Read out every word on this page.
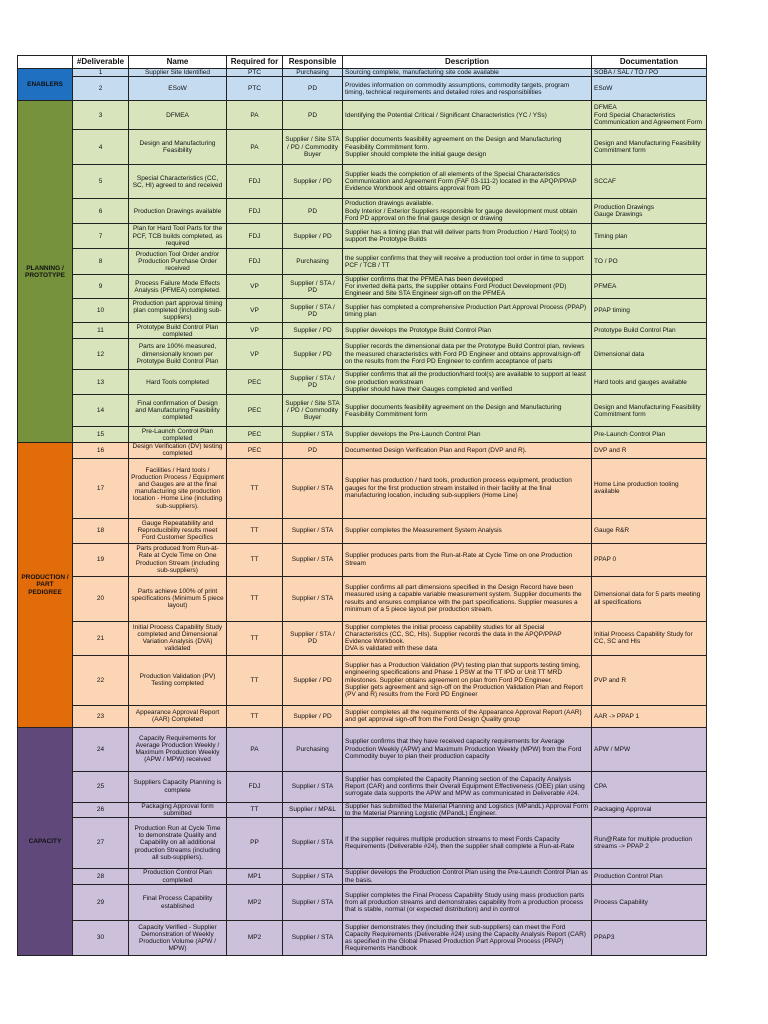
	#Deliverable	Name	Required for	Responsible	Description	Documentation
ENABLERS	1	Supplier Site Identified	PTC	Purchasing	Sourcing complete, manufacturing site code available	SOBA / SAL / TO / PO
	2	ESoW	PTC	PD	Provides information on commodity assumptions, commodity targets, program timing, technical requirements and detailed roles and responsibilities	ESoW
PLANNING / PROTOTYPE	3	DFMEA	PA	PD	Identifying the Potential Critical / Significant Characteristics (YC / YSs)	DFMEA
Ford Special Characteristics Communication and Agreement Form
	4	Design and Manufacturing Feasibility	PA	Supplier / Site STA / PD / Commodity Buyer	Supplier documents feasibility agreement on the Design and Manufacturing Feasibility Commitment form.
Supplier should complete the initial gauge design	Design and Manufacturing Feasibility Commitment form
	5	Special Characteristics (CC, SC, HI) agreed to and received	FDJ	Supplier / PD	Supplier leads the completion of all elements of the Special Characteristics Communication and Agreement Form (FAF 03-111-2) located in the APQP/PPAP Evidence Workbook and obtains approval from PD	SCCAF
	6	Production Drawings available	FDJ	PD	Production drawings available.
Body Interior / Exterior Suppliers responsible for gauge development must obtain Ford PD approval on the final gauge design or drawing	Production Drawings
Gauge Drawings
	7	Plan for Hard Tool Parts for the PCF, TCB builds completed, as required	FDJ	Supplier / PD	Supplier has a timing plan that will deliver parts from Production / Hard Tool(s) to support the Prototype Builds	Timing plan
	8	Production Tool Order and/or Production Purchase Order received	FDJ	Purchasing	the supplier confirms that they will receive a production tool order in time to support PCF / TCB / TT	TO / PO
	9	Process Failure Mode Effects Analysis (PFMEA) completed.	VP	Supplier / STA / PD	Supplier confirms that the PFMEA has been developed
For inverted delta parts, the supplier obtains Ford Product Development (PD) Engineer and Site STA Engineer sign-off on the PFMEA	PFMEA
	10	Production part approval timing plan completed (including sub-suppliers)	VP	Supplier / STA / PD	Supplier has completed a comprehensive Production Part Approval Process (PPAP) timing plan	PPAP timing
	11	Prototype Build Control Plan completed	VP	Supplier / PD	Supplier develops the Prototype Build Control Plan	Prototype Build Control Plan
	12	Parts are 100% measured, dimensionally known per Prototype Build Control Plan	VP	Supplier / PD	Supplier records the dimensional data per the Prototype Build Control plan, reviews the measured characteristics with Ford PD Engineer and obtains approval/sign-off on the results from the Ford PD Engineer to confirm acceptance of parts	Dimensional data
	13	Hard Tools completed	PEC	Supplier / STA / PD	Supplier confirms that all the production/hard tool(s) are available to support at least one production workstream
Supplier should have their Gauges completed and verified	Hard tools and gauges available
	14	Final confirmation of Design and Manufacturing Feasibility completed	PEC	Supplier / Site STA / PD / Commodity Buyer	Supplier documents feasibility agreement on the Design and Manufacturing Feasibility Commitment form	Design and Manufacturing Feasibility Commitment form
	15	Pre-Launch Control Plan completed	PEC	Supplier / STA	Supplier develops the Pre-Launch Control Plan	Pre-Launch Control Plan
PRODUCTION / PART PEDIGREE	16	Design Verification (DV) testing completed	PEC	PD	Documented Design Verification Plan and Report (DVP and R).	DVP and R
	17	Facilities / Hard tools / Production Process / Equipment and Gauges are at the final manufacturing site production location - Home Line (including sub-suppliers).	TT	Supplier / STA	Supplier has production / hard tools, production process equipment, production gauges for the first production stream installed in their facility at the final manufacturing location, including sub-suppliers (Home Line)	Home Line production tooling available
	18	Gauge Repeatability and Reproducibility results meet Ford Customer Specifics	TT	Supplier / STA	Supplier completes the Measurement System Analysis	Gauge R&R
	19	Parts produced from Run-at-Rate at Cycle Time on One Production Stream (including sub-suppliers)	TT	Supplier / STA	Supplier produces parts from the Run-at-Rate at Cycle Time on one Production Stream	PPAP 0
	20	Parts achieve 100% of print specifications (Minimum 5 piece layout)	TT	Supplier / STA	Supplier confirms all part dimensions specified in the Design Record have been measured using a capable variable measurement system. Supplier documents the results and ensures compliance with the part specifications. Supplier measures a minimum of a 5 piece layout per production stream.	Dimensional data for 5 parts meeting all specifications
	21	Initial Process Capability Study completed and Dimensional Variation Analysis (DVA) validated	TT	Supplier / STA / PD	Supplier completes the initial process capability studies for all Special Characteristics (CC, SC, HIs). Supplier records the data in the APQP/PPAP Evidence Workbook.
DVA is validated with these data	Initial Process Capability Study for CC, SC and HIs
	22	Production Validation (PV) Testing completed	TT	Supplier / PD	Supplier has a Production Validation (PV) testing plan that supports testing timing, engineering specifications and Phase 1 PSW at the TT IPD or Unit TT MRD milestones. Supplier obtains agreement on plan from Ford PD Engineer.
Supplier gets agreement and sign-off on the Production Validation Plan and Report (PV and R) results from the Ford PD Engineer	PVP and R
	23	Appearance Approval Report (AAR) Completed	TT	Supplier / PD	Supplier completes all the requirements of the Appearance Approval Report (AAR) and get approval sign-off from the Ford Design Quality group	AAR -> PPAP 1
CAPACITY	24	Capacity Requirements for Average Production Weekly / Maximum Production Weekly (APW / MPW) received	PA	Purchasing	Supplier confirms that they have received capacity requirements for Average Production Weekly (APW) and Maximum Production Weekly (MPW) from the Ford Commodity buyer to plan their production capacity	APW / MPW
	25	Suppliers Capacity Planning is complete	FDJ	Supplier / STA	Supplier has completed the Capacity Planning section of the Capacity Analysis Report (CAR) and confirms their Overall Equipment Effectiveness (OEE) plan using surrogate data supports the APW and MPW as communicated in Deliverable #24.	CPA
	26	Packaging Approval form submitted	TT	Supplier / MP&L	Supplier has submitted the Material Planning and Logistics (MPandL) Approval Form to the Material Planning Logistic (MPandL) Engineer.	Packaging Approval
	27	Production Run at Cycle Time to demonstrate Quality and Capability on all additional production Streams (including all sub-suppliers).	PP	Supplier / STA	If the supplier requires multiple production streams to meet Fords Capacity Requirements (Deliverable #24), then the supplier shall complete a Run-at-Rate	Run@Rate for multiple production streams -> PPAP 2
	28	Production Control Plan completed	MP1	Supplier / STA	Supplier develops the Production Control Plan using the Pre-Launch Control Plan as the basis.	Production Control Plan
	29	Final Process Capability established	MP2	Supplier / STA	Supplier completes the Final Process Capability Study using mass production parts from all production streams and demonstrates capability from a production process that is stable, normal (or expected distribution) and in control	Process Capability
	30	Capacity Verified - Supplier Demonstration of Weekly Production Volume (APW / MPW)	MP2	Supplier / STA	Supplier demonstrates they (including their sub-suppliers) can meet the Ford Capacity Requirements (Deliverable #24) using the Capacity Analysis Report (CAR) as specified in the Global Phased Production Part Approval Process (PPAP) Requirements Handbook	PPAP3
